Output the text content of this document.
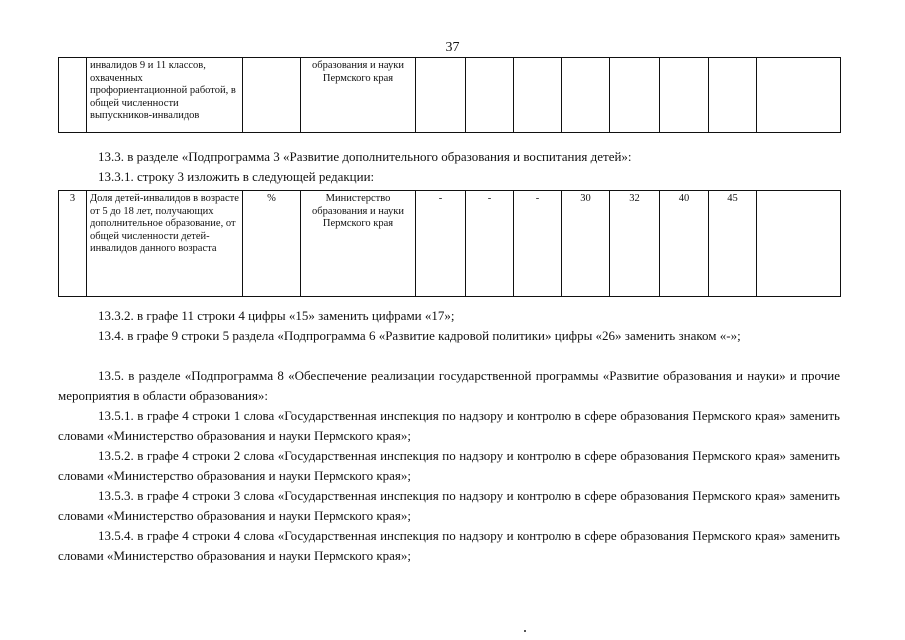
37
	инвалидов 9 и 11 классов, охваченных профориентационной работой, в общей численности выпускников-инвалидов		образования и науки Пермского края								
13.3. в разделе «Подпрограмма 3 «Развитие дополнительного образования и воспитания детей»:
13.3.1. строку 3 изложить в следующей редакции:
3	Доля детей-инвалидов в возрасте от 5 до 18 лет, получающих дополнительное образование, от общей численности детей-инвалидов данного возраста	%	Министерство образования и науки Пермского края	-	-	-	30	32	40	45	
13.3.2. в графе 11 строки 4 цифры «15» заменить цифрами «17»;
13.4. в графе 9 строки 5 раздела «Подпрограмма 6 «Развитие кадровой политики» цифры «26» заменить знаком «-»;
13.5. в разделе «Подпрограмма 8 «Обеспечение реализации государственной программы «Развитие образования и науки» и прочие мероприятия в области образования»:
13.5.1. в графе 4 строки 1 слова «Государственная инспекция по надзору и контролю в сфере образования Пермского края» заменить словами «Министерство образования и науки Пермского края»;
13.5.2. в графе 4 строки 2 слова «Государственная инспекция по надзору и контролю в сфере образования Пермского края» заменить словами «Министерство образования и науки Пермского края»;
13.5.3. в графе 4 строки 3 слова «Государственная инспекция по надзору и контролю в сфере образования Пермского края» заменить словами «Министерство образования и науки Пермского края»;
13.5.4. в графе 4 строки 4 слова «Государственная инспекция по надзору и контролю в сфере образования Пермского края» заменить словами «Министерство образования и науки Пермского края»;
